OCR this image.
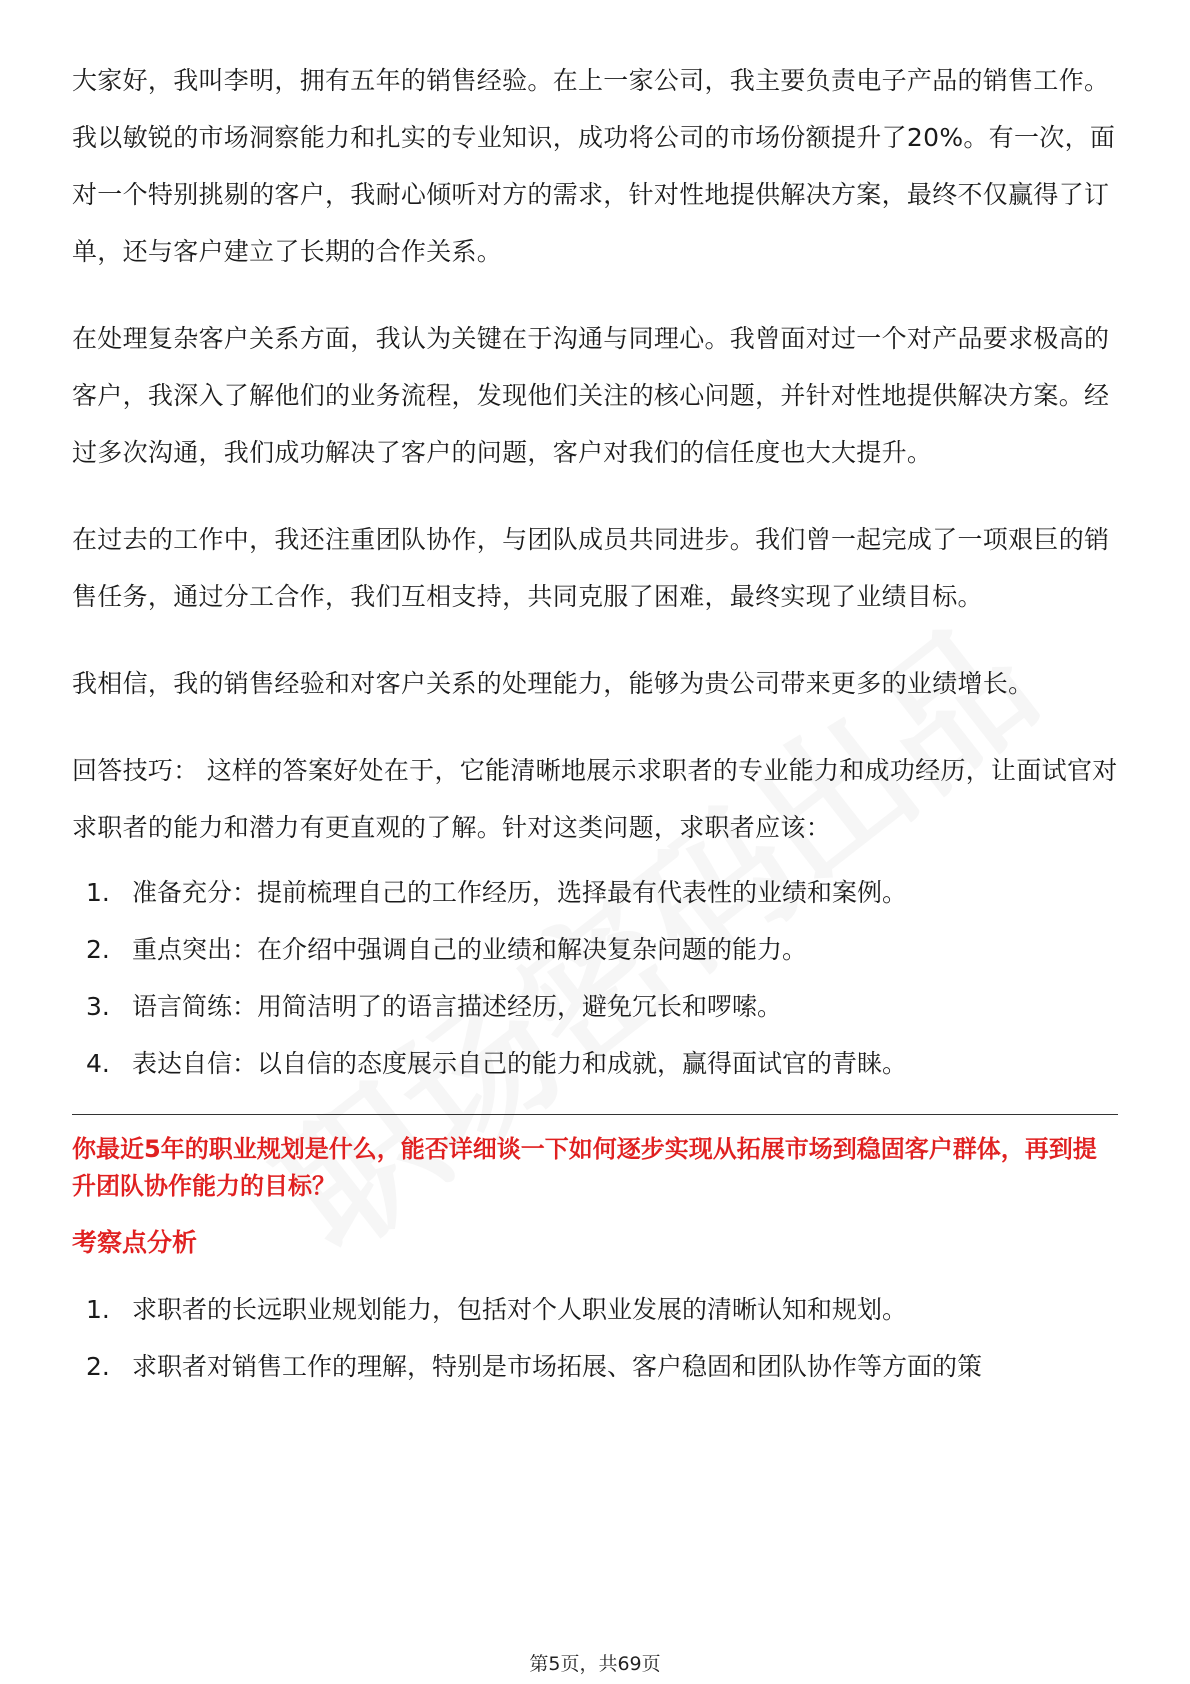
大家好，我叫李明，拥有五年的销售经验。在上一家公司，我主要负责电子产品的销售工作。我以敏锐的市场洞察能力和扎实的专业知识，成功将公司的市场份额提升了20%。有一次，面对一个特别挑剔的客户，我耐心倾听对方的需求，针对性地提供解决方案，最终不仅赢得了订单，还与客户建立了长期的合作关系。

在处理复杂客户关系方面，我认为关键在于沟通与同理心。我曾面对过一个对产品要求极高的客户，我深入了解他们的业务流程，发现他们关注的核心问题，并针对性地提供解决方案。经过多次沟通，我们成功解决了客户的问题，客户对我们的信任度也大大提升。

在过去的工作中，我还注重团队协作，与团队成员共同进步。我们曾一起完成了一项艰巨的销售任务，通过分工合作，我们互相支持，共同克服了困难，最终实现了业绩目标。

我相信，我的销售经验和对客户关系的处理能力，能够为贵公司带来更多的业绩增长。

回答技巧： 这样的答案好处在于，它能清晰地展示求职者的专业能力和成功经历，让面试官对求职者的能力和潜力有更直观的了解。针对这类问题，求职者应该：

1. 准备充分：提前梳理自己的工作经历，选择最有代表性的业绩和案例。
2. 重点突出：在介绍中强调自己的业绩和解决复杂问题的能力。
3. 语言简练：用简洁明了的语言描述经历，避免冗长和啰嗦。
4. 表达自信：以自信的态度展示自己的能力和成就，赢得面试官的青睐。

你最近5年的职业规划是什么，能否详细谈一下如何逐步实现从拓展市场到稳固客户群体，再到提升团队协作能力的目标？

考察点分析

1. 求职者的长远职业规划能力，包括对个人职业发展的清晰认知和规划。
2. 求职者对销售工作的理解，特别是市场拓展、客户稳固和团队协作等方面的策
第5页，共69页
